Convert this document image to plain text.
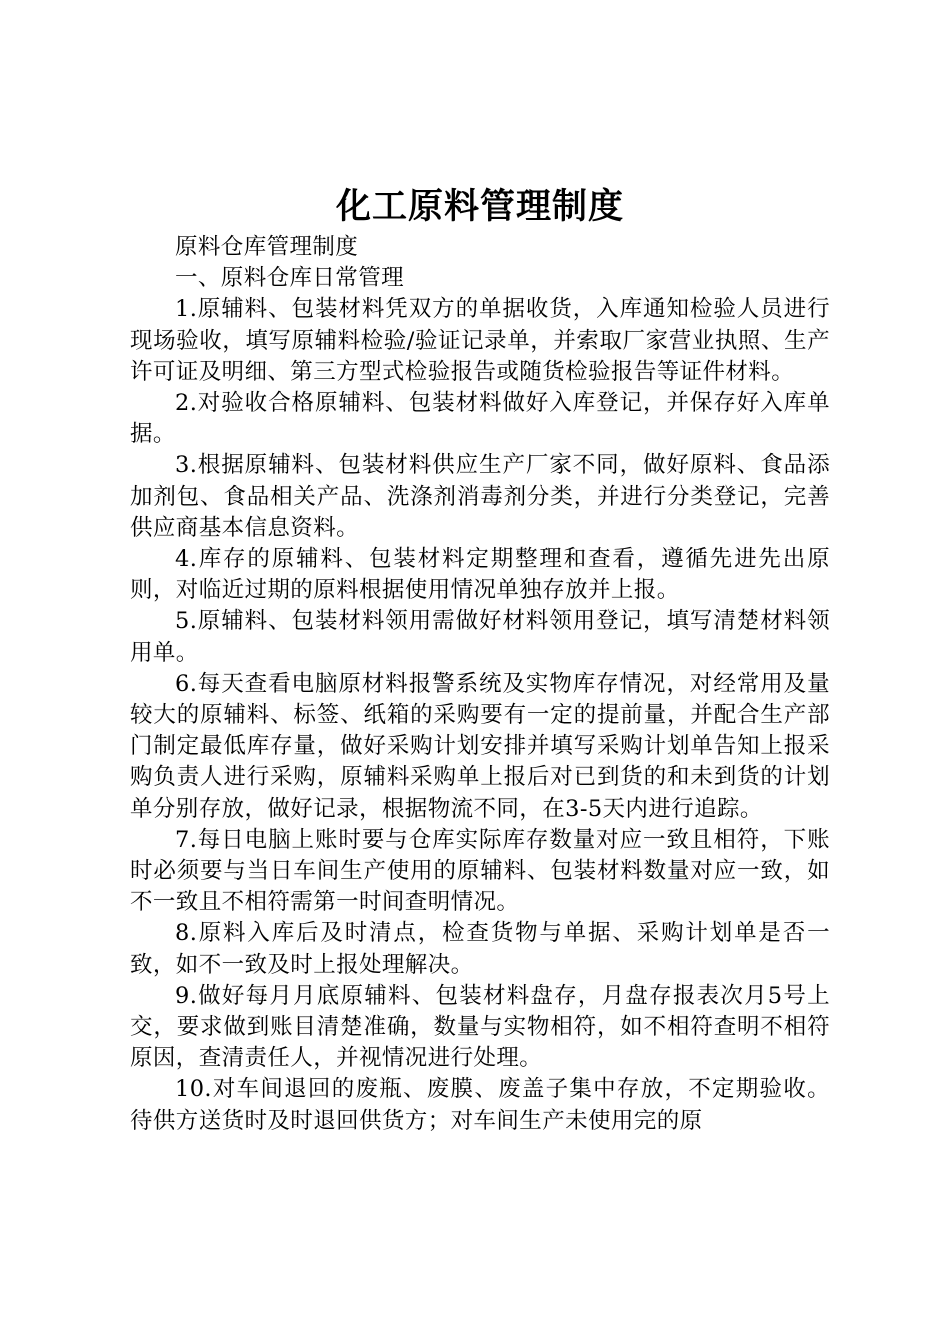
化工原料管理制度

原料仓库管理制度

一、原料仓库日常管理

1.原辅料、包装材料凭双方的单据收货，入库通知检验人员进行现场验收，填写原辅料检验/验证记录单，并索取厂家营业执照、生产许可证及明细、第三方型式检验报告或随货检验报告等证件材料。

2.对验收合格原辅料、包装材料做好入库登记，并保存好入库单据。

3.根据原辅料、包装材料供应生产厂家不同，做好原料、食品添加剂包、食品相关产品、洗涤剂消毒剂分类，并进行分类登记，完善供应商基本信息资料。

4.库存的原辅料、包装材料定期整理和查看，遵循先进先出原则，对临近过期的原料根据使用情况单独存放并上报。

5.原辅料、包装材料领用需做好材料领用登记，填写清楚材料领用单。

6.每天查看电脑原材料报警系统及实物库存情况，对经常用及量较大的原辅料、标签、纸箱的采购要有一定的提前量，并配合生产部门制定最低库存量，做好采购计划安排并填写采购计划单告知上报采购负责人进行采购，原辅料采购单上报后对已到货的和未到货的计划单分别存放，做好记录，根据物流不同，在3-5天内进行追踪。

7.每日电脑上账时要与仓库实际库存数量对应一致且相符，下账时必须要与当日车间生产使用的原辅料、包装材料数量对应一致，如不一致且不相符需第一时间查明情况。

8.原料入库后及时清点，检查货物与单据、采购计划单是否一致，如不一致及时上报处理解决。

9.做好每月月底原辅料、包装材料盘存，月盘存报表次月5号上交，要求做到账目清楚准确，数量与实物相符，如不相符查明不相符原因，查清责任人，并视情况进行处理。

10.对车间退回的废瓶、废膜、废盖子集中存放，不定期验收。待供方送货时及时退回供货方；对车间生产未使用完的原
